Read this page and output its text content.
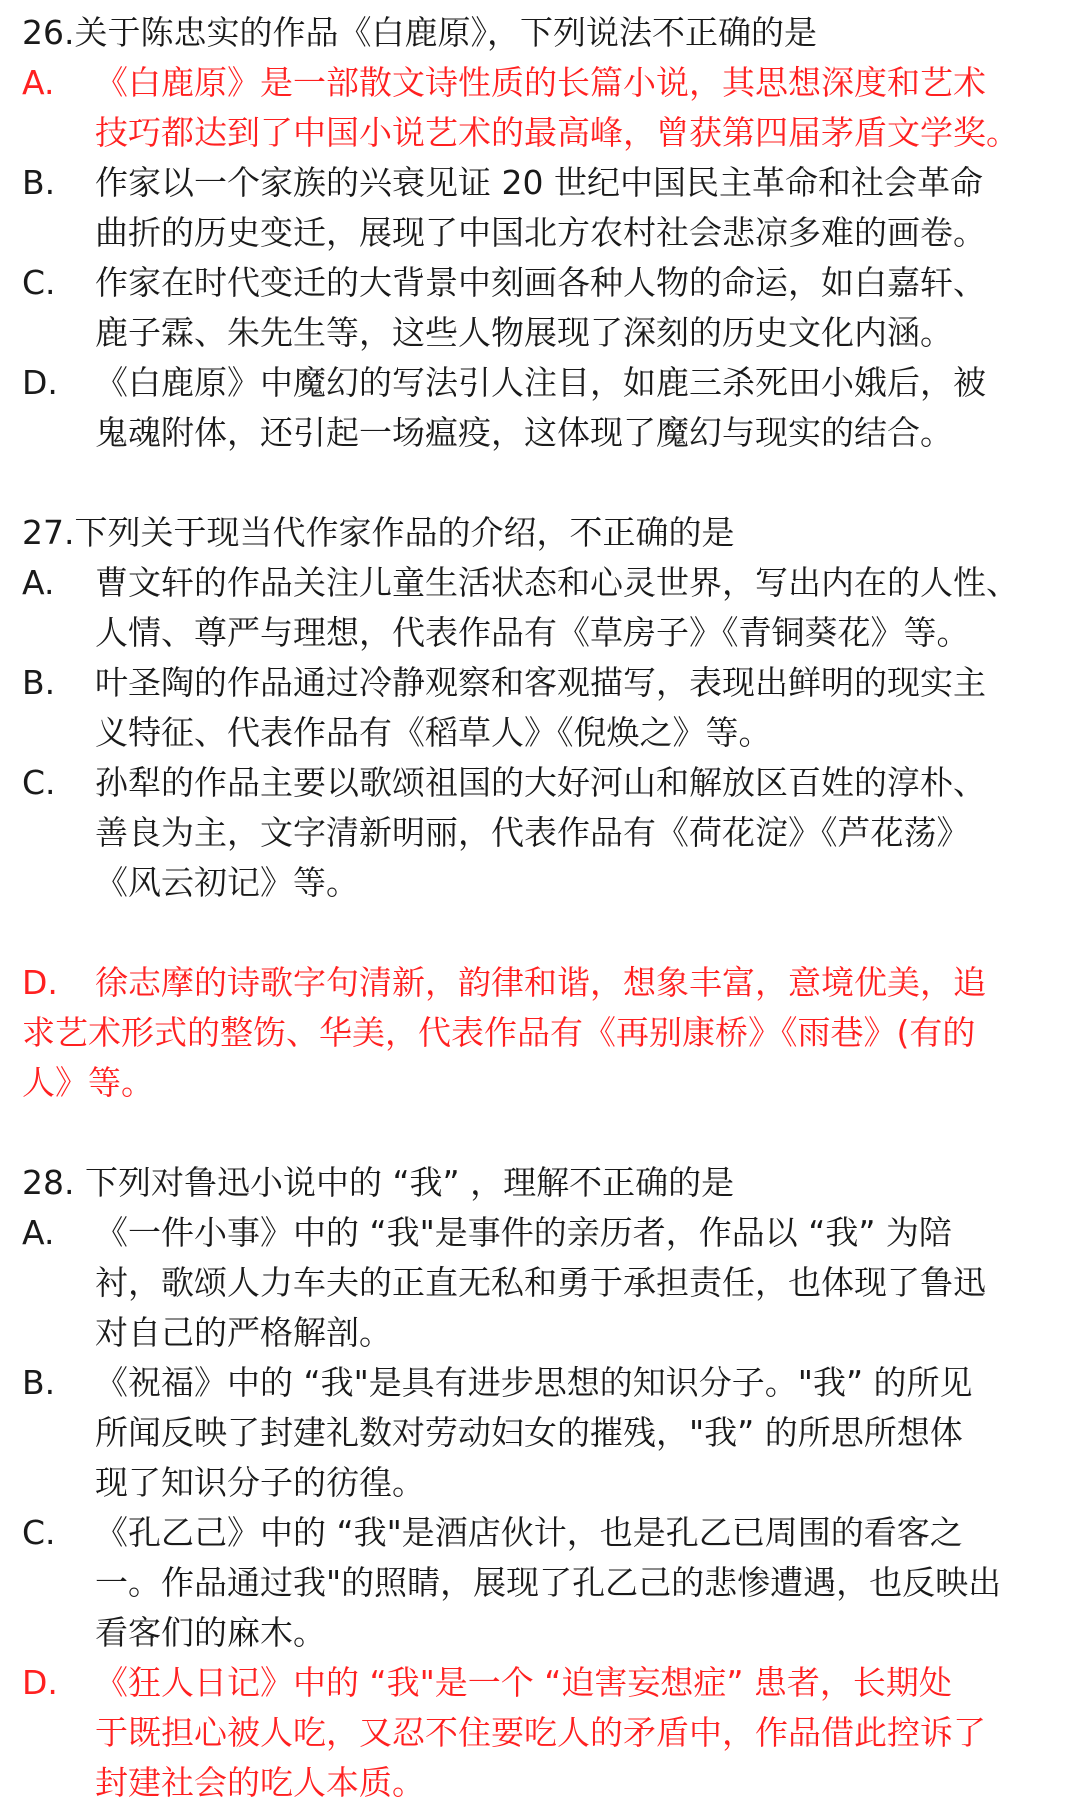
26.关于陈忠实的作品《白鹿原》，下列说法不正确的是
A. 《白鹿原》是一部散文诗性质的长篇小说，其思想深度和艺术
技巧都达到了中国小说艺术的最高峰，曾获第四届茅盾文学奖。
B. 作家以一个家族的兴衰见证 20 世纪中国民主革命和社会革命
曲折的历史变迁，展现了中国北方农村社会悲凉多难的画卷。
C. 作家在时代变迁的大背景中刻画各种人物的命运，如白嘉轩、
鹿子霖、朱先生等，这些人物展现了深刻的历史文化内涵。
D. 《白鹿原》中魔幻的写法引人注目，如鹿三杀死田小娥后，被
鬼魂附体，还引起一场瘟疫，这体现了魔幻与现实的结合。
27.下列关于现当代作家作品的介绍，不正确的是
A. 曹文轩的作品关注儿童生活状态和心灵世界，写出内在的人性、
人情、尊严与理想，代表作品有《草房子》《青铜葵花》等。
B. 叶圣陶的作品通过冷静观察和客观描写，表现出鲜明的现实主
义特征、代表作品有《稻草人》《倪焕之》等。
C. 孙犁的作品主要以歌颂祖国的大好河山和解放区百姓的淳朴、
善良为主，文字清新明丽，代表作品有《荷花淀》《芦花荡》
《风云初记》等。
D. 徐志摩的诗歌字句清新，韵律和谐，想象丰富，意境优美，追
求艺术形式的整饬、华美，代表作品有《再别康桥》《雨巷》(有的
人》等。
28. 下列对鲁迅小说中的 “我” ，理解不正确的是
A. 《一件小事》中的 “我"是事件的亲历者，作品以 “我” 为陪
衬，歌颂人力车夫的正直无私和勇于承担责任，也体现了鲁迅
对自己的严格解剖。
B. 《祝福》中的 “我"是具有进步思想的知识分子。"我” 的所见
所闻反映了封建礼数对劳动妇女的摧残，"我” 的所思所想体
现了知识分子的彷徨。
C. 《孔乙己》中的 “我"是酒店伙计，也是孔乙已周围的看客之
一。作品通过我"的照睛，展现了孔乙己的悲惨遭遇，也反映出
看客们的麻木。
D. 《狂人日记》中的 “我"是一个 “迫害妄想症” 患者，长期处
于既担心被人吃，又忍不住要吃人的矛盾中，作品借此控诉了
封建社会的吃人本质。
